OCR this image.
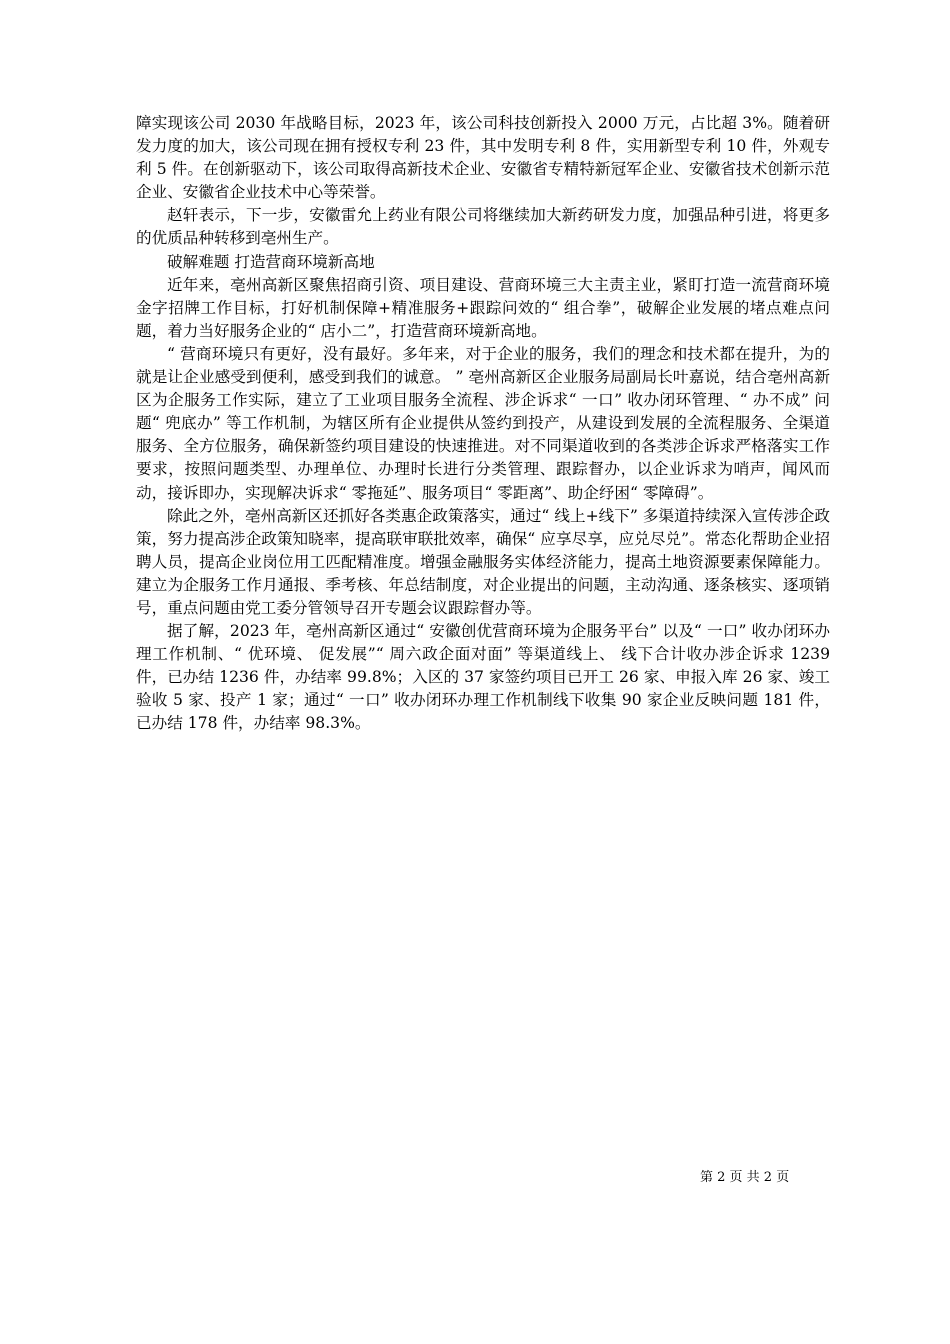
障实现该公司 2030 年战略目标，2023 年，该公司科技创新投入 2000 万元，占比超 3%。随着研发力度的加大，该公司现在拥有授权专利 23 件，其中发明专利 8 件，实用新型专利 10 件，外观专利 5 件。在创新驱动下，该公司取得高新技术企业、安徽省专精特新冠军企业、安徽省技术创新示范企业、安徽省企业技术中心等荣誉。

赵轩表示，下一步，安徽雷允上药业有限公司将继续加大新药研发力度，加强品种引进，将更多的优质品种转移到亳州生产。

破解难题 打造营商环境新高地

近年来，亳州高新区聚焦招商引资、项目建设、营商环境三大主责主业，紧盯打造一流营商环境金字招牌工作目标，打好机制保障+精准服务+跟踪问效的“ 组合拳”，破解企业发展的堵点难点问题，着力当好服务企业的“ 店小二”，打造营商环境新高地。

“ 营商环境只有更好，没有最好。多年来，对于企业的服务，我们的理念和技术都在提升，为的就是让企业感受到便利，感受到我们的诚意。 ” 亳州高新区企业服务局副局长叶嘉说，结合亳州高新区为企服务工作实际，建立了工业项目服务全流程、涉企诉求“ 一口” 收办闭环管理、“ 办不成” 问题“ 兜底办” 等工作机制，为辖区所有企业提供从签约到投产，从建设到发展的全流程服务、全渠道服务、全方位服务，确保新签约项目建设的快速推进。对不同渠道收到的各类涉企诉求严格落实工作要求，按照问题类型、办理单位、办理时长进行分类管理、跟踪督办，以企业诉求为哨声，闻风而动，接诉即办，实现解决诉求“ 零拖延”、服务项目“ 零距离”、助企纾困“ 零障碍”。

除此之外，亳州高新区还抓好各类惠企政策落实，通过“ 线上+线下” 多渠道持续深入宣传涉企政策，努力提高涉企政策知晓率，提高联审联批效率，确保“ 应享尽享，应兑尽兑”。常态化帮助企业招聘人员，提高企业岗位用工匹配精准度。增强金融服务实体经济能力，提高土地资源要素保障能力。建立为企服务工作月通报、季考核、年总结制度，对企业提出的问题，主动沟通、逐条核实、逐项销号，重点问题由党工委分管领导召开专题会议跟踪督办等。

据了解，2023 年，亳州高新区通过“ 安徽创优营商环境为企服务平台” 以及“ 一口” 收办闭环办理工作机制、“ 优环境、 促发展”“ 周六政企面对面” 等渠道线上、 线下合计收办涉企诉求 1239 件，已办结 1236 件，办结率 99.8%；入区的 37 家签约项目已开工 26 家、申报入库 26 家、竣工验收 5 家、投产 1 家；通过“ 一口” 收办闭环办理工作机制线下收集 90 家企业反映问题 181 件，已办结 178 件，办结率 98.3%。

第 2 页 共 2 页
